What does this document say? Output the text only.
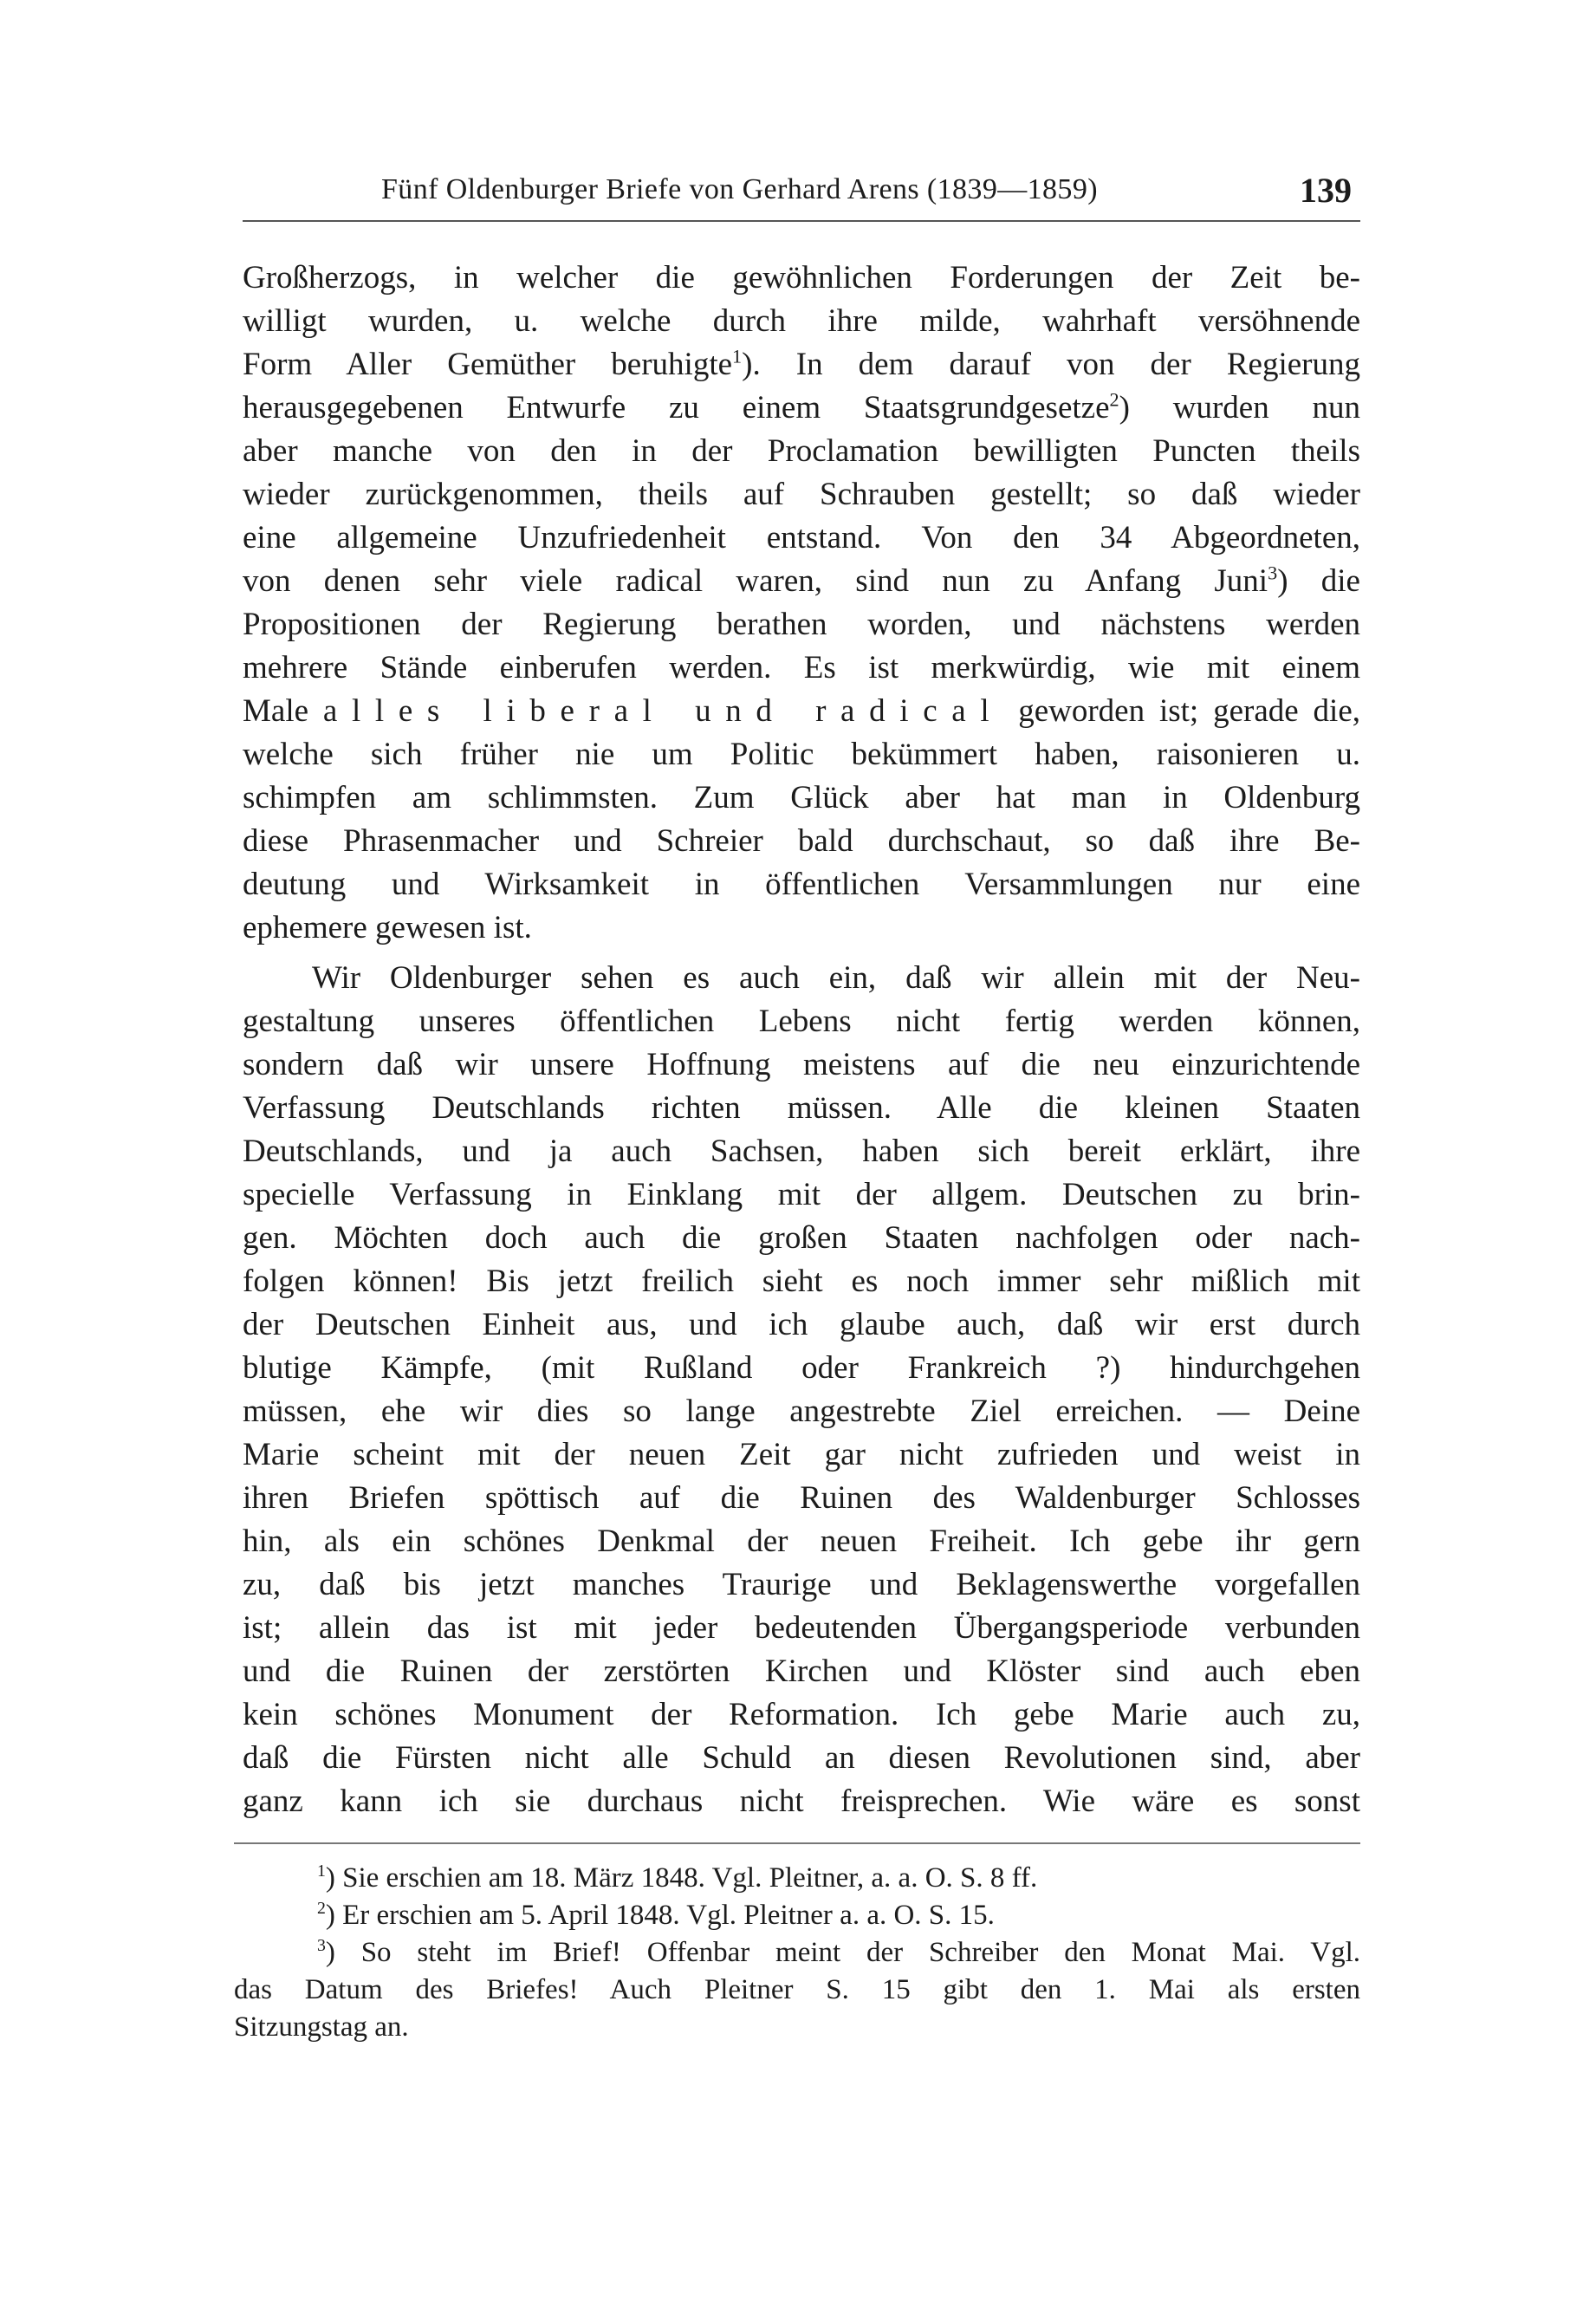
Fünf Oldenburger Briefe von Gerhard Arens (1839—1859)	139
Großherzogs, in welcher die gewöhnlichen Forderungen der Zeit be-
willigt wurden, u. welche durch ihre milde, wahrhaft versöhnende
Form Aller Gemüther beruhigte$^1$). In dem darauf von der Regierung
herausgegebenen Entwurfe zu einem Staatsgrundgesetze$^2$) wurden nun
aber manche von den in der Proclamation bewilligten Puncten theils
wieder zurückgenommen, theils auf Schrauben gestellt; so daß wieder
eine allgemeine Unzufriedenheit entstand. Von den 34 Abgeordneten,
von denen sehr viele radical waren, sind nun zu Anfang Juni$^3$) die
Propositionen der Regierung berathen worden, und nächstens werden
mehrere Stände einberufen werden. Es ist merkwürdig, wie mit einem
Male alles liberal und radical geworden ist; gerade die,
welche sich früher nie um Politic bekümmert haben, raisonieren u.
schimpfen am schlimmsten. Zum Glück aber hat man in Oldenburg
diese Phrasenmacher und Schreier bald durchschaut, so daß ihre Be-
deutung und Wirksamkeit in öffentlichen Versammlungen nur eine
ephemere gewesen ist.
Wir Oldenburger sehen es auch ein, daß wir allein mit der Neu-
gestaltung unseres öffentlichen Lebens nicht fertig werden können,
sondern daß wir unsere Hoffnung meistens auf die neu einzurichtende
Verfassung Deutschlands richten müssen. Alle die kleinen Staaten
Deutschlands, und ja auch Sachsen, haben sich bereit erklärt, ihre
specielle Verfassung in Einklang mit der allgem. Deutschen zu brin-
gen. Möchten doch auch die großen Staaten nachfolgen oder nach-
folgen können! Bis jetzt freilich sieht es noch immer sehr mißlich mit
der Deutschen Einheit aus, und ich glaube auch, daß wir erst durch
blutige Kämpfe, (mit Rußland oder Frankreich ?) hindurchgehen
müssen, ehe wir dies so lange angestrebte Ziel erreichen. — Deine
Marie scheint mit der neuen Zeit gar nicht zufrieden und weist in
ihren Briefen spöttisch auf die Ruinen des Waldenburger Schlosses
hin, als ein schönes Denkmal der neuen Freiheit. Ich gebe ihr gern
zu, daß bis jetzt manches Traurige und Beklagenswerthe vorgefallen
ist; allein das ist mit jeder bedeutenden Übergangsperiode verbunden
und die Ruinen der zerstörten Kirchen und Klöster sind auch eben
kein schönes Monument der Reformation. Ich gebe Marie auch zu,
daß die Fürsten nicht alle Schuld an diesen Revolutionen sind, aber
ganz kann ich sie durchaus nicht freisprechen. Wie wäre es sonst
$^1$) Sie erschien am 18. März 1848. Vgl. Pleitner, a. a. O. S. 8 ff.
$^2$) Er erschien am 5. April 1848. Vgl. Pleitner a. a. O. S. 15.
$^3$) So steht im Brief! Offenbar meint der Schreiber den Monat Mai. Vgl.
das Datum des Briefes! Auch Pleitner S. 15 gibt den 1. Mai als ersten
Sitzungstag an.
